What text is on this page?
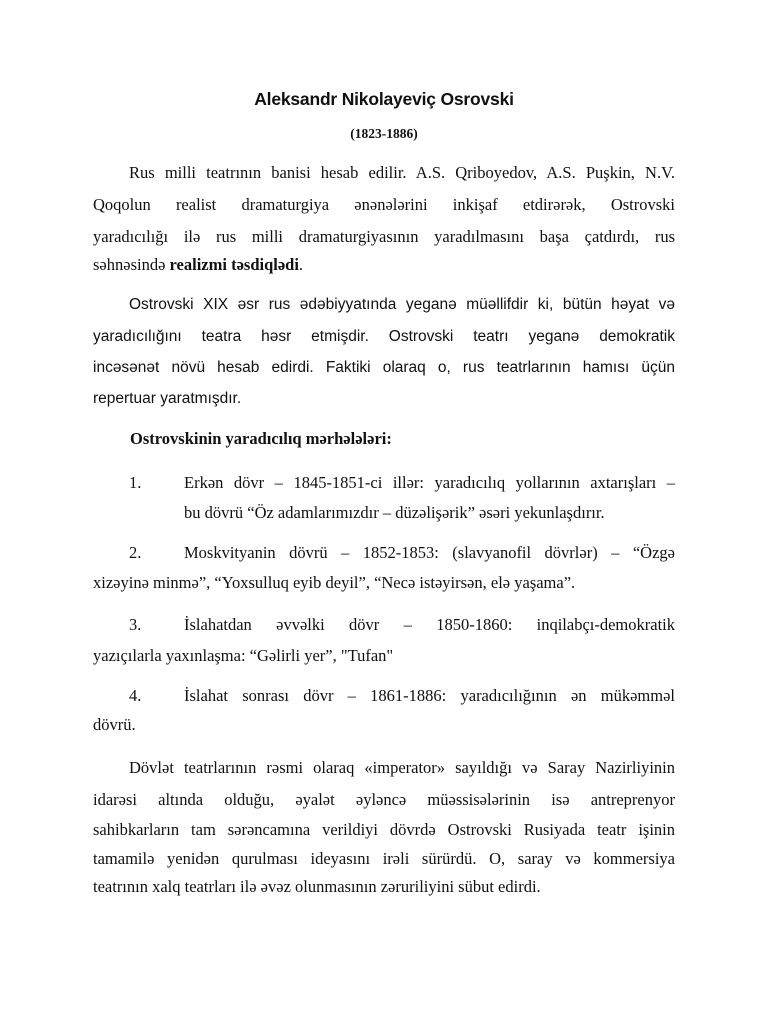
Aleksandr Nikolayeviç Osrovski
(1823-1886)
Rus milli teatrının banisi hesab edilir. A.S. Qriboyedov, A.S. Puşkin, N.V.
Qoqolun realist dramaturgiya ənənələrini inkişaf etdirərək, Ostrovski
yaradıcılığı ilə rus milli dramaturgiyasının yaradılmasını başa çatdırdı, rus
səhnəsində realizmi təsdiqlədi.
Ostrovski XIX əsr rus ədəbiyyatında yeganə müəllifdir ki, bütün həyat və
yaradıcılığını teatra həsr etmişdir. Ostrovski teatrı yeganə demokratik
incəsənət növü hesab edirdi. Faktiki olaraq o, rus teatrlarının hamısı üçün
repertuar yaratmışdır.
Ostrovskinin yaradıcılıq mərhələləri:
1.	Erkən dövr – 1845-1851-ci illər: yaradıcılıq yollarının axtarışları –
bu dövrü “Öz adamlarımızdır – düzəlişərik” əsəri yekunlaşdırır.
2.	Moskvityanin dövrü – 1852-1853: (slavyanofil dövrlər) – “Özgə
xizəyinə minmə”, “Yoxsulluq eyib deyil”, “Necə istəyirsən, elə yaşama”.
3.	İslahatdan əvvəlki dövr – 1850-1860: inqilabçı-demokratik
yazıçılarla yaxınlaşma: “Gəlirli yer”, "Tufan"
4.	İslahat sonrası dövr – 1861-1886: yaradıcılığının ən mükəmməl
dövrü.
Dövlət teatrlarının rəsmi olaraq «imperator» sayıldığı və Saray Nazirliyinin
idarəsi altında olduğu, əyalət əyləncə müəssisələrinin isə antreprenyor
sahibkarların tam sərəncamına verildiyi dövrdə Ostrovski Rusiyada teatr işinin
tamamilə yenidən qurulması ideyasını irəli sürürdü. O, saray və kommersiya
teatrının xalq teatrları ilə əvəz olunmasının zəruriliyini sübut edirdi.
